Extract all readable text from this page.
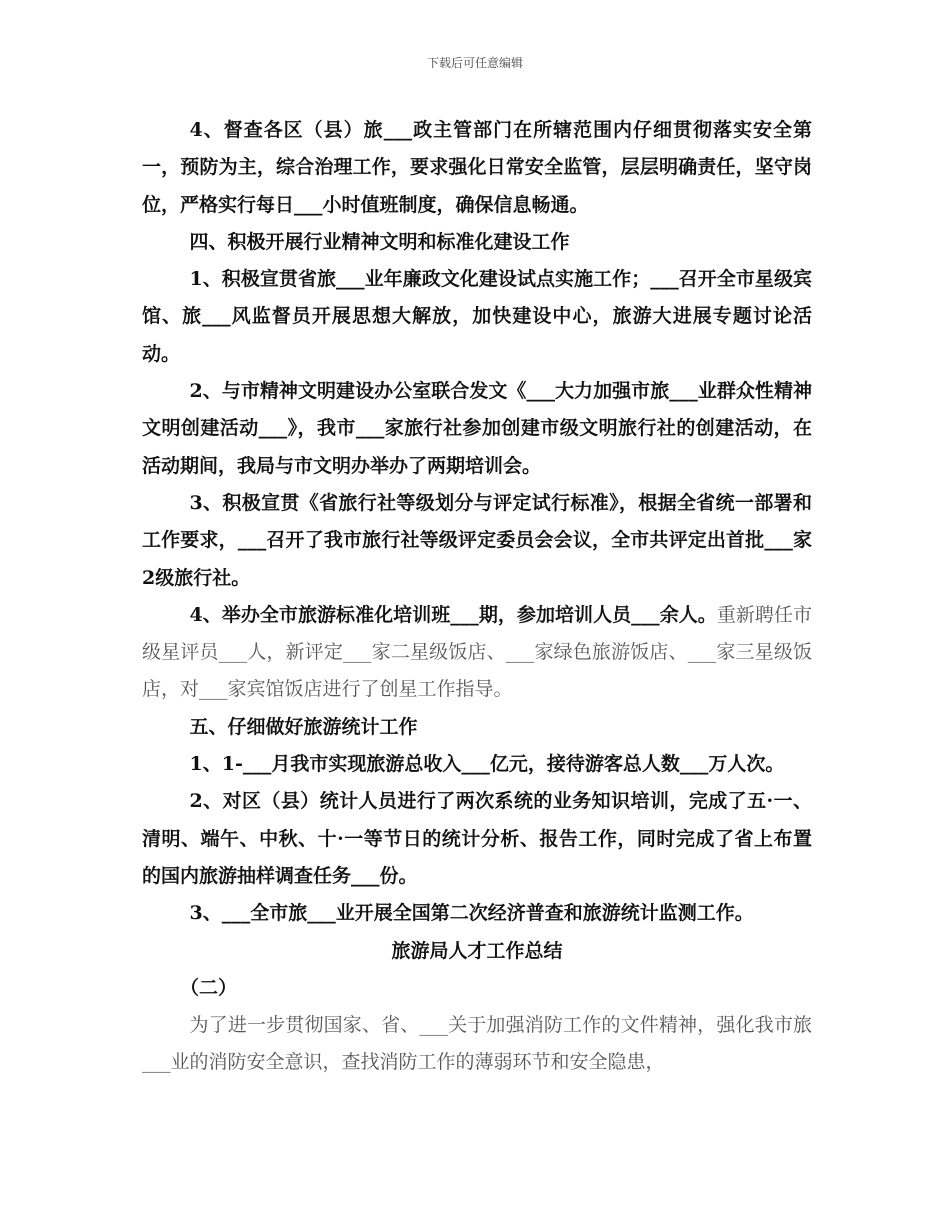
下载后可任意编辑

4、督查各区（县）旅___政主管部门在所辖范围内仔细贯彻落实安全第一，预防为主，综合治理工作，要求强化日常安全监管，层层明确责任，坚守岗位，严格实行每日___小时值班制度，确保信息畅通。

四、积极开展行业精神文明和标准化建设工作

1、积极宣贯省旅___业年廉政文化建设试点实施工作；___召开全市星级宾馆、旅___风监督员开展思想大解放，加快建设中心，旅游大进展专题讨论活动。

2、与市精神文明建设办公室联合发文《___大力加强市旅___业群众性精神文明创建活动___》，我市___家旅行社参加创建市级文明旅行社的创建活动，在活动期间，我局与市文明办举办了两期培训会。

3、积极宣贯《省旅行社等级划分与评定试行标准》，根据全省统一部署和工作要求，___召开了我市旅行社等级评定委员会会议，全市共评定出首批___家2级旅行社。

4、举办全市旅游标准化培训班___期，参加培训人员___余人。重新聘任市级星评员___人，新评定___家二星级饭店、___家绿色旅游饭店、___家三星级饭店，对___家宾馆饭店进行了创星工作指导。

五、仔细做好旅游统计工作

1、1-___月我市实现旅游总收入___亿元，接待游客总人数___万人次。

2、对区（县）统计人员进行了两次系统的业务知识培训，完成了五·一、清明、端午、中秋、十·一等节日的统计分析、报告工作，同时完成了省上布置的国内旅游抽样调查任务___份。

3、___全市旅___业开展全国第二次经济普查和旅游统计监测工作。

旅游局人才工作总结

（二）

为了进一步贯彻国家、省、___关于加强消防工作的文件精神，强化我市旅___业的消防安全意识，查找消防工作的薄弱环节和安全隐患，
